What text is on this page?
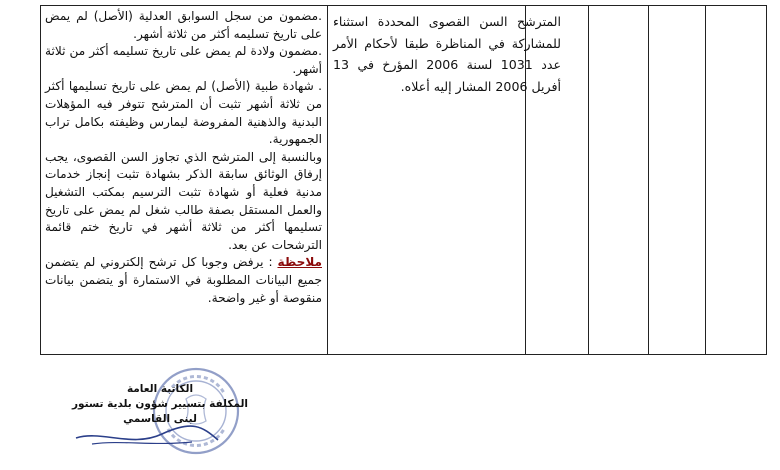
.مضمون من سجل السوابق العدلية (الأصل) لم يمض على تاريخ تسليمه أكثر من ثلاثة أشهر.

.مضمون ولادة لم يمض على تاريخ تسليمه أكثر من ثلاثة أشهر.

. شهادة طبية (الأصل) لم يمض على تاريخ تسليمها أكثر من ثلاثة أشهر تثبت أن المترشح تتوفر فيه المؤهلات البدنية والذهنية المفروضة ليمارس وظيفته بكامل تراب الجمهورية.

وبالنسبة إلى المترشح الذي تجاوز السن القصوى، يجب إرفاق الوثائق سابقة الذكر بشهادة تثبت إنجاز خدمات مدنية فعلية أو شهادة تثبت الترسيم بمكتب التشغيل والعمل المستقل بصفة طالب شغل لم يمض على تاريخ تسليمها أكثر من ثلاثة أشهر في تاريخ ختم قائمة الترشحات عن بعد.

ملاحظة : يرفض وجوبا كل ترشح إلكتروني لم يتضمن جميع البيانات المطلوبة في الاستمارة أو يتضمن بيانات منقوصة أو غير واضحة.

المترشح السن القصوى المحددة استثناء للمشاركة في المناظرة طبقا لأحكام الأمر عدد 1031 لسنة 2006 المؤرخ في 13 أفريل 2006 المشار إليه أعلاه.
الكاتبة العامة
المكلفة بتسيير شؤون بلدية تستور
لبنى القاسمي
